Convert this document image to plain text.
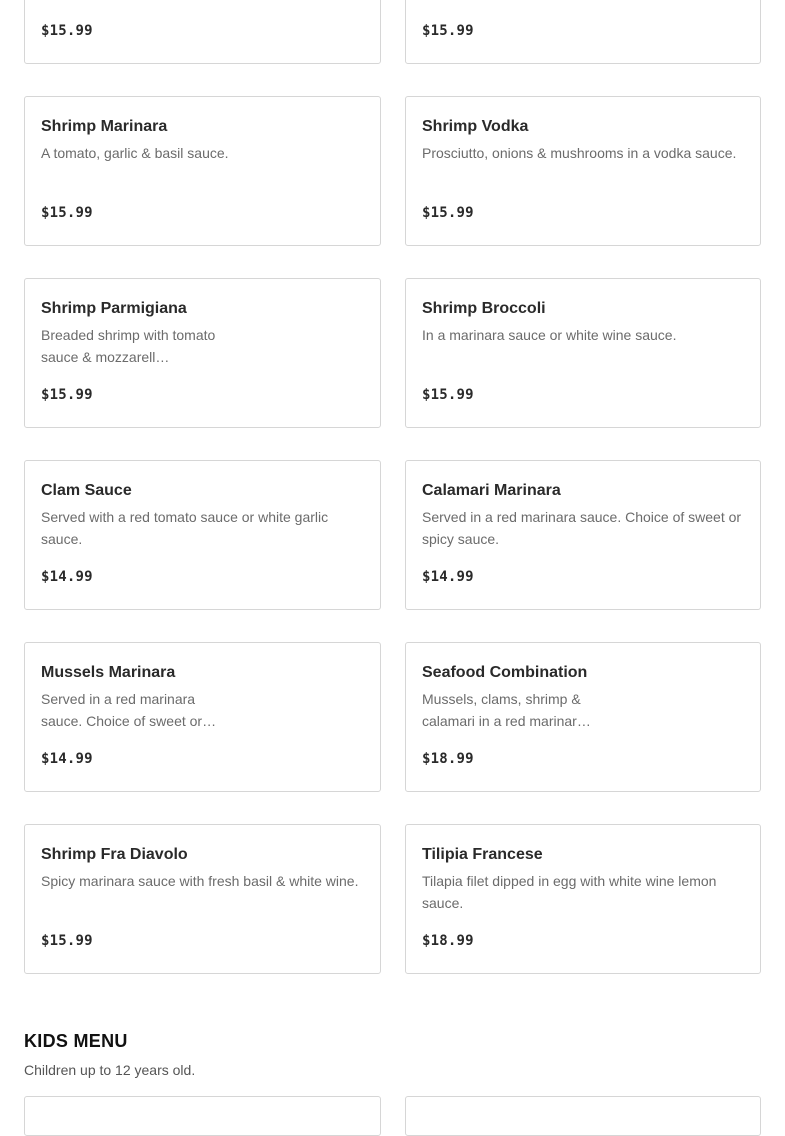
$15.99	$15.99
Shrimp Marinara
A tomato, garlic & basil sauce.
$15.99
Shrimp Vodka
Prosciutto, onions & mushrooms in a vodka sauce.
$15.99
Shrimp Parmigiana
Breaded shrimp with tomato sauce & mozzarell…
$15.99
Shrimp Broccoli
In a marinara sauce or white wine sauce.
$15.99
Clam Sauce
Served with a red tomato sauce or white garlic sauce.
$14.99
Calamari Marinara
Served in a red marinara sauce. Choice of sweet or spicy sauce.
$14.99
Mussels Marinara
Served in a red marinara sauce. Choice of sweet or…
$14.99
Seafood Combination
Mussels, clams, shrimp & calamari in a red marinar…
$18.99
Shrimp Fra Diavolo
Spicy marinara sauce with fresh basil & white wine.
$15.99
Tilipia Francese
Tilapia filet dipped in egg with white wine lemon sauce.
$18.99
KIDS MENU
Children up to 12 years old.
